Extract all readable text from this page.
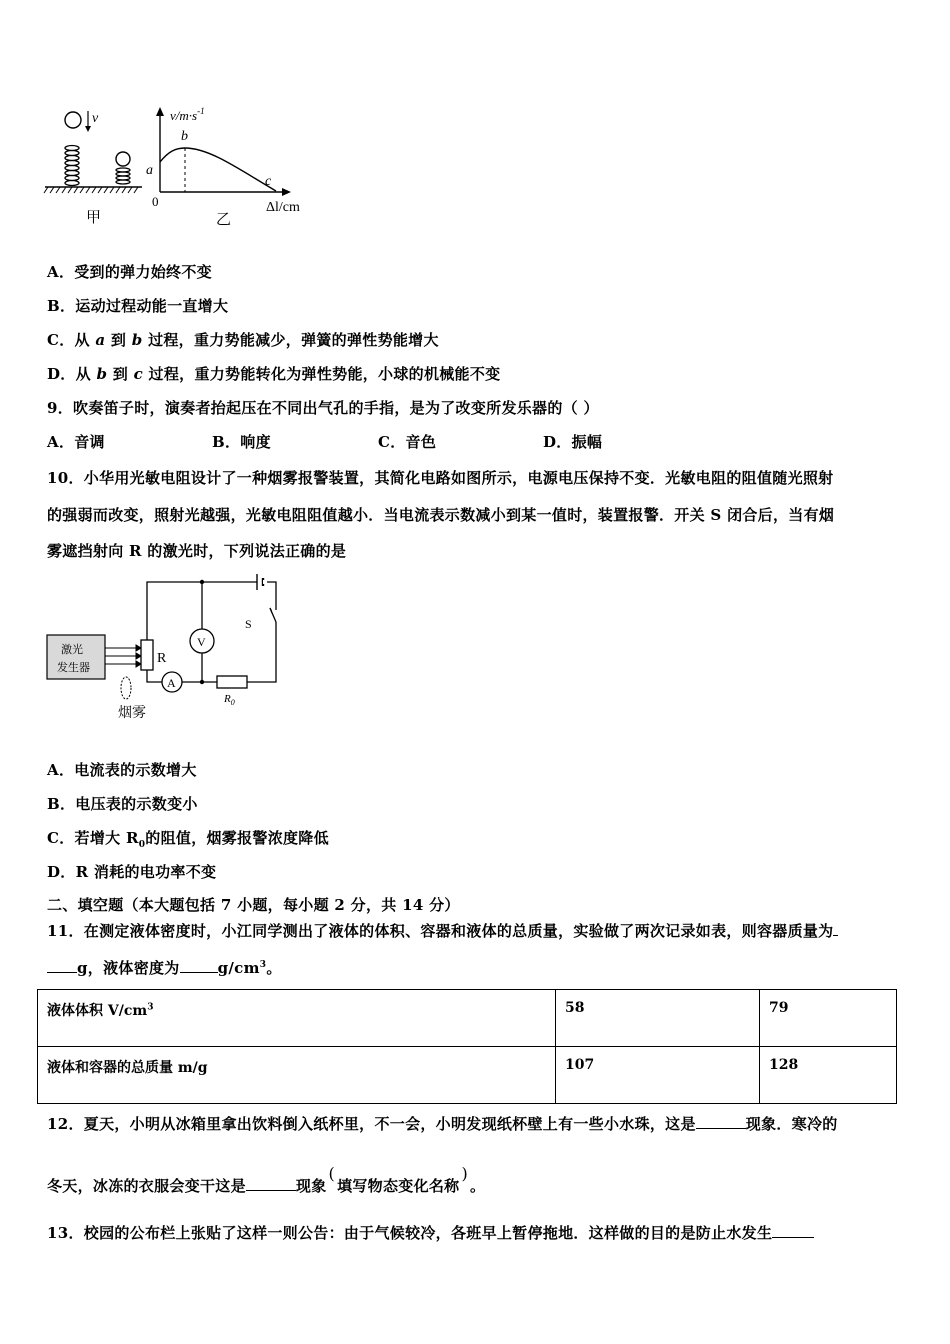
v
甲
$v/m\cdot s^{-1}$
a
b
c
0	Δl/cm
乙
A．受到的弹力始终不变
B．运动过程动能一直增大
C．从 a 到 b 过程，重力势能减少，弹簧的弹性势能增大
D．从 b 到 c 过程，重力势能转化为弹性势能，小球的机械能不变
9．吹奏笛子时，演奏者抬起压在不同出气孔的手指，是为了改变所发乐器的（ ）
A．音调	B．响度	C．音色	D．振幅
10．小华用光敏电阻设计了一种烟雾报警装置，其简化电路如图所示，电源电压保持不变．光敏电阻的阻值随光照射
的强弱而改变，照射光越强，光敏电阻阻值越小．当电流表示数减小到某一值时，装置报警．开关 S 闭合后，当有烟
雾遮挡射向 R 的激光时，下列说法正确的是
激光
发生器
S
R
V
A
$R_0$
烟雾
A．电流表的示数增大
B．电压表的示数变小
C．若增大 $R_0$的阻值，烟雾报警浓度降低
D．R 消耗的电功率不变
二、填空题（本大题包括 7 小题，每小题 2 分，共 14 分）
11．在测定液体密度时，小江同学测出了液体的体积、容器和液体的总质量，实验做了两次记录如表，则容器质量为
g，液体密度为	$g/cm^3$。
液体体积 $V/cm^3$	58	79
液体和容器的总质量 m/g	107	128
12．夏天，小明从冰箱里拿出饮料倒入纸杯里，不一会，小明发现纸杯壁上有一些小水珠，这是	现象．寒冷的
冬天，冰冻的衣服会变干这是	现象(填写物态变化名称)。
13．校园的公布栏上张贴了这样一则公告：由于气候较冷，各班早上暂停拖地．这样做的目的是防止水发生
